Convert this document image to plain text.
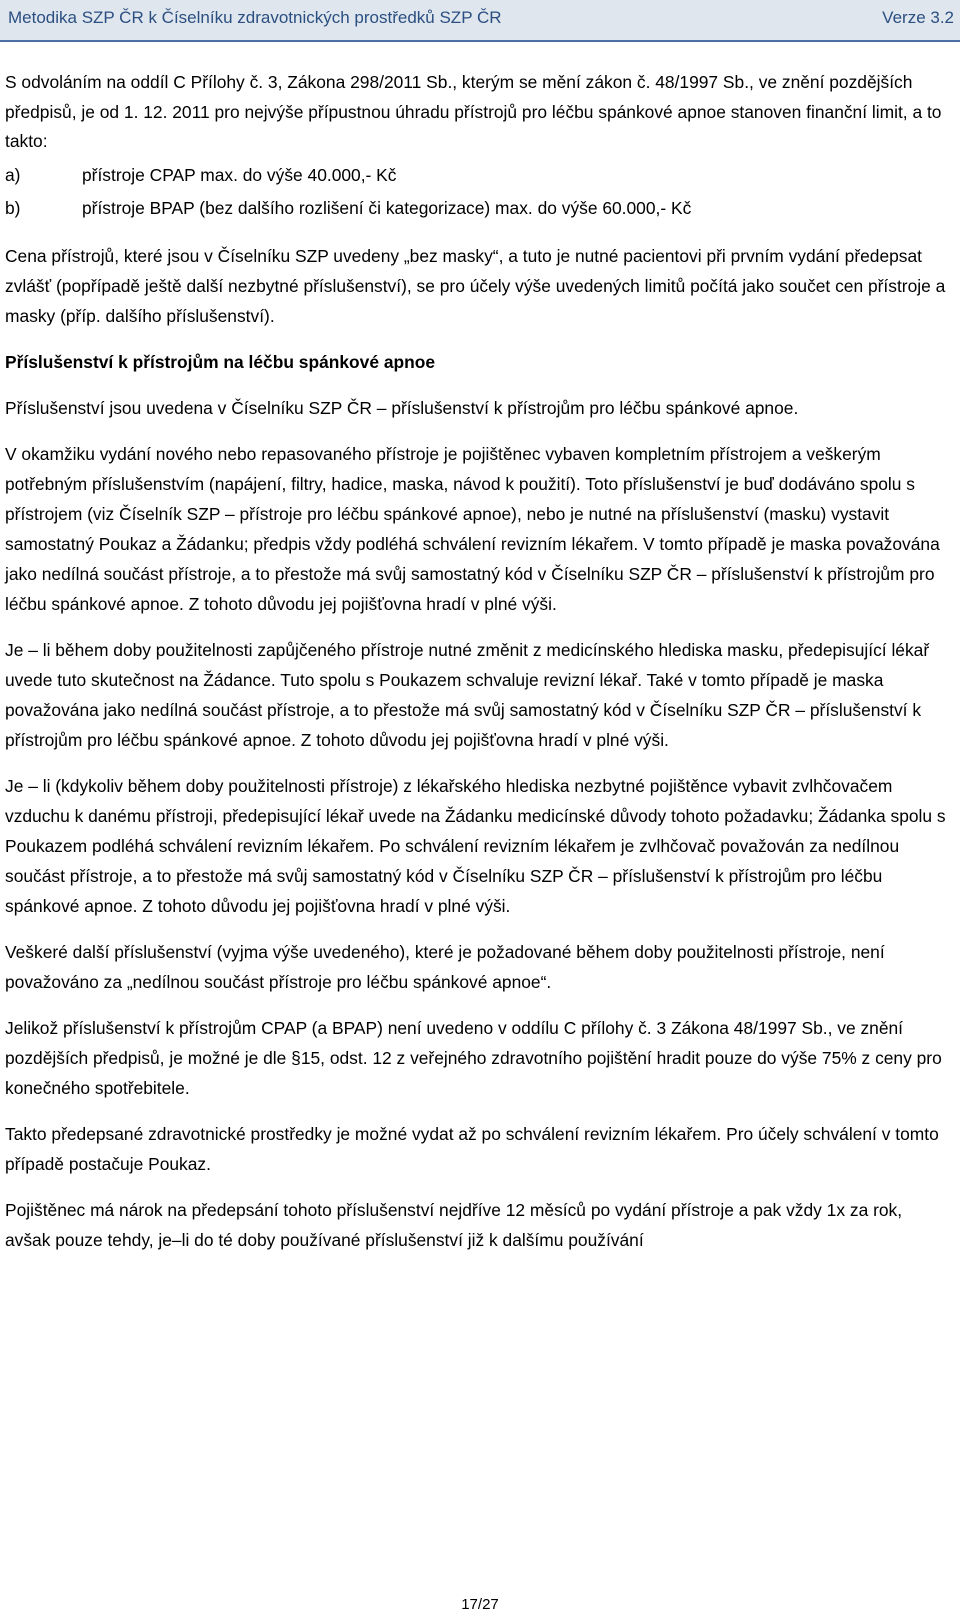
Metodika SZP ČR k Číselníku zdravotnických prostředků SZP ČR	Verze 3.2

S odvoláním na oddíl C Přílohy č. 3, Zákona 298/2011 Sb., kterým se mění zákon č. 48/1997 Sb., ve znění pozdějších předpisů, je od 1. 12. 2011 pro nejvýše přípustnou úhradu přístrojů pro léčbu spánkové apnoe stanoven finanční limit, a to takto:

a)	přístroje CPAP max. do výše 40.000,- Kč
b)	přístroje BPAP (bez dalšího rozlišení či kategorizace) max. do výše 60.000,- Kč

Cena přístrojů, které jsou v Číselníku SZP uvedeny „bez masky“, a tuto je nutné pacientovi při prvním vydání předepsat zvlášť (popřípadě ještě další nezbytné příslušenství), se pro účely výše uvedených limitů počítá jako součet cen přístroje a masky (příp. dalšího příslušenství).

Příslušenství k přístrojům na léčbu spánkové apnoe

Příslušenství jsou uvedena v Číselníku SZP ČR – příslušenství k přístrojům pro léčbu spánkové apnoe.

V okamžiku vydání nového nebo repasovaného přístroje je pojištěnec vybaven kompletním přístrojem a veškerým potřebným příslušenstvím (napájení, filtry, hadice, maska, návod k použití). Toto příslušenství je buď dodáváno spolu s přístrojem (viz Číselník SZP – přístroje pro léčbu spánkové apnoe), nebo je nutné na příslušenství (masku) vystavit samostatný Poukaz a Žádanku; předpis vždy podléhá schválení revizním lékařem. V tomto případě je maska považována jako nedílná součást přístroje, a to přestože má svůj samostatný kód v Číselníku SZP ČR – příslušenství k přístrojům pro léčbu spánkové apnoe. Z tohoto důvodu jej pojišťovna hradí v plné výši.

Je – li během doby použitelnosti zapůjčeného přístroje nutné změnit z medicínského hlediska masku, předepisující lékař uvede tuto skutečnost na Žádance. Tuto spolu s Poukazem schvaluje revizní lékař. Také v tomto případě je maska považována jako nedílná součást přístroje, a to přestože má svůj samostatný kód v Číselníku SZP ČR – příslušenství k přístrojům pro léčbu spánkové apnoe. Z tohoto důvodu jej pojišťovna hradí v plné výši.

Je – li (kdykoliv během doby použitelnosti přístroje) z lékařského hlediska nezbytné pojištěnce vybavit zvlhčovačem vzduchu k danému přístroji, předepisující lékař uvede na Žádanku medicínské důvody tohoto požadavku; Žádanka spolu s Poukazem podléhá schválení revizním lékařem. Po schválení revizním lékařem je zvlhčovač považován za nedílnou součást přístroje, a to přestože má svůj samostatný kód v Číselníku SZP ČR – příslušenství k přístrojům pro léčbu spánkové apnoe. Z tohoto důvodu jej pojišťovna hradí v plné výši.

Veškeré další příslušenství (vyjma výše uvedeného), které je požadované během doby použitelnosti přístroje, není považováno za „nedílnou součást přístroje pro léčbu spánkové apnoe“.

Jelikož příslušenství k přístrojům CPAP (a BPAP) není uvedeno v oddílu C přílohy č. 3 Zákona 48/1997 Sb., ve znění pozdějších předpisů, je možné je dle §15, odst. 12 z veřejného zdravotního pojištění hradit pouze do výše 75% z ceny pro konečného spotřebitele.

Takto předepsané zdravotnické prostředky je možné vydat až po schválení revizním lékařem. Pro účely schválení v tomto případě postačuje Poukaz.

Pojištěnec má nárok na předepsání tohoto příslušenství nejdříve 12 měsíců po vydání přístroje a pak vždy 1x za rok, avšak pouze tehdy, je–li do té doby používané příslušenství již k dalšímu používání

17/27
